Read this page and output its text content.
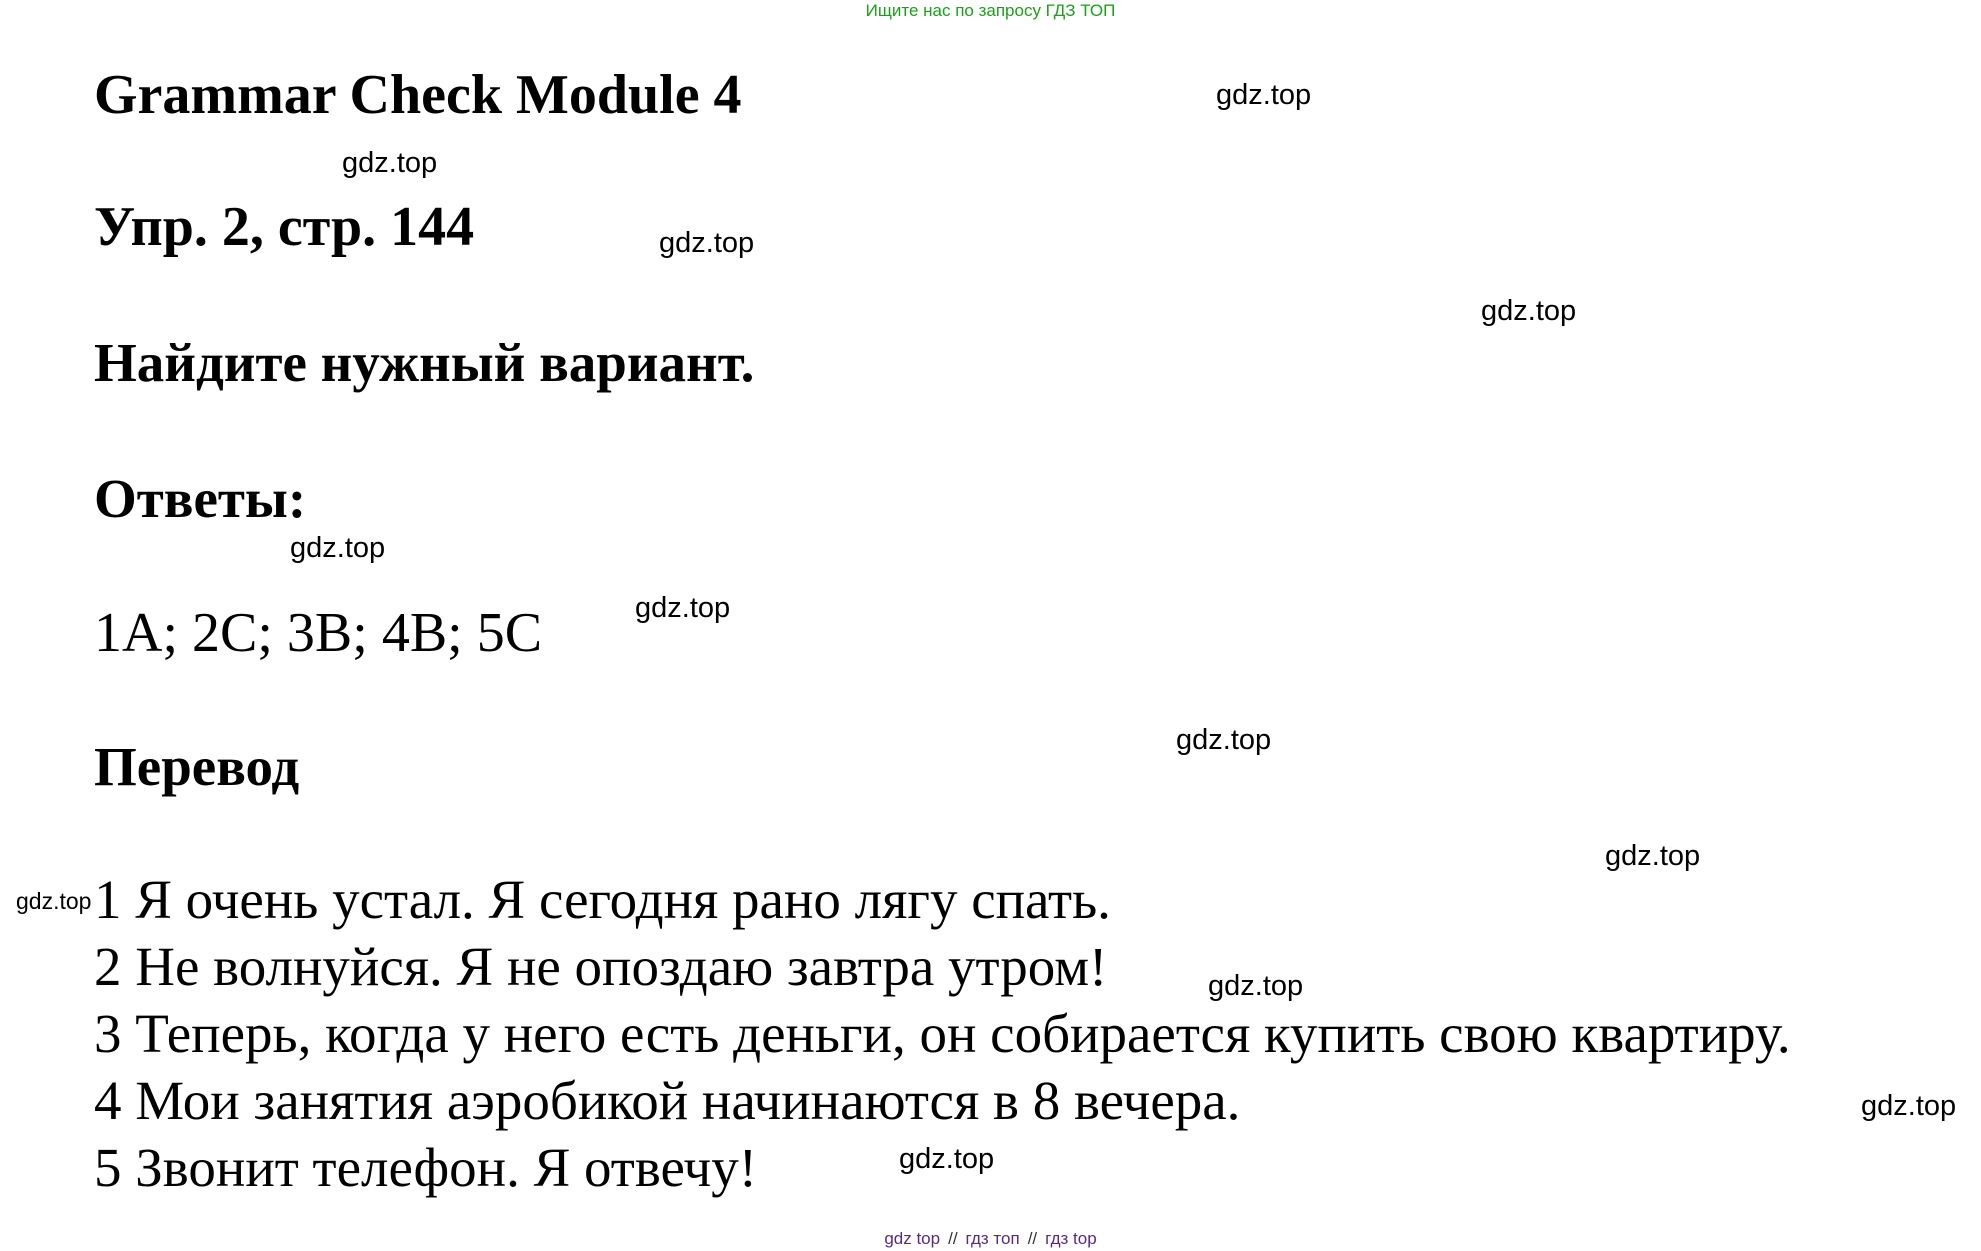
Ищите нас по запросу ГДЗ ТОП
Grammar Check Module 4
Упр. 2, стр. 144
Найдите нужный вариант.
Ответы:
1A; 2C; 3B; 4B; 5C
Перевод
1 Я очень устал. Я сегодня рано лягу спать.
2 Не волнуйся. Я не опоздаю завтра утром!
3 Теперь, когда у него есть деньги, он собирается купить свою квартиру.
4 Мои занятия аэробикой начинаются в 8 вечера.
5 Звонит телефон. Я отвечу!
gdz.top
gdz.top
gdz.top
gdz.top
gdz.top
gdz.top
gdz.top
gdz.top
gdz.top
gdz.top
gdz.top
gdz.top
gdz top // гдз топ // гдз top
